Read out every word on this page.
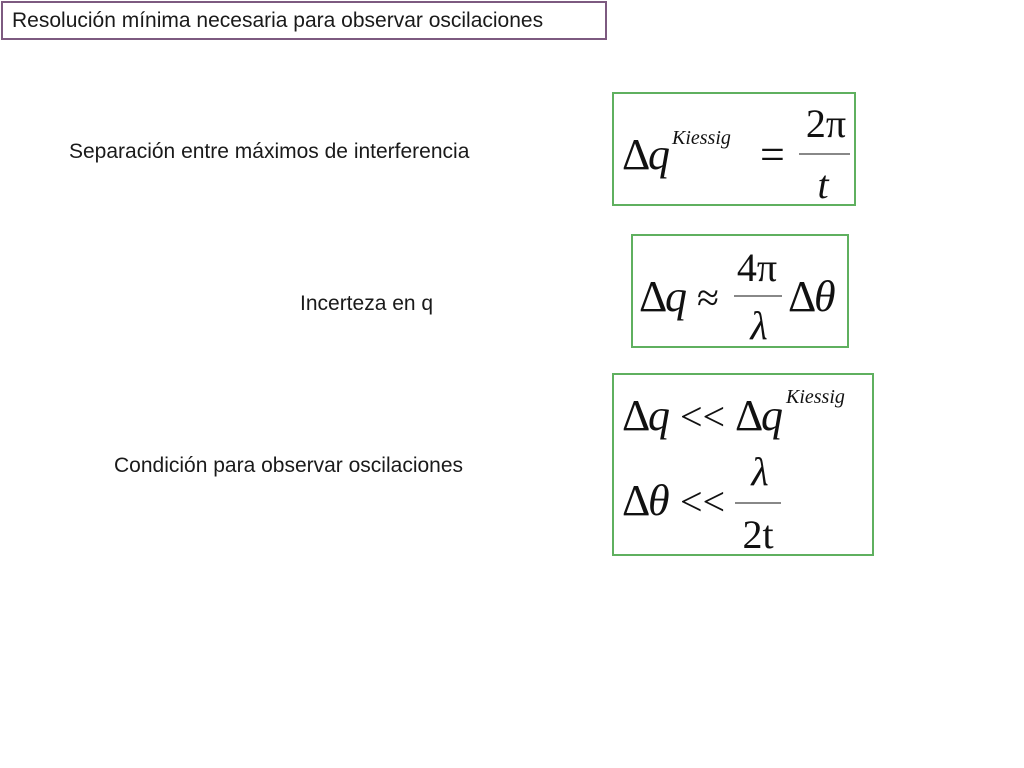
Resolución mínima necesaria para observar oscilaciones
Separación entre máximos de interferencia
Incerteza en q
Condición para observar oscilaciones
Δ
q Kiessig =
2π
t
Δ
q ≈
4π
λ
Δ
θ
Δ
q << Δ
q Kiessig
Δ
θ <<
λ
2t
